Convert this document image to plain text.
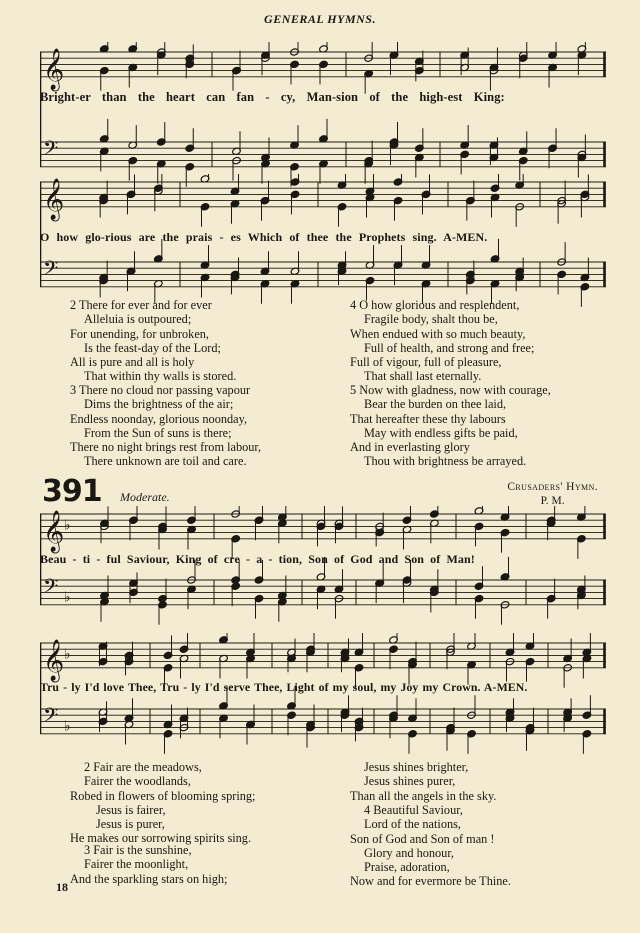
GENERAL HYMNS.
𝄞
𝄢
Bright-er than the heart can fan - cy, Man-sion of the high-est King:
𝄞
𝄢
O how glo-rious are the prais - es Which of thee the Prophets sing. A-MEN.
2 There for ever and for ever
Alleluia is outpoured;
For unending, for unbroken,
Is the feast-day of the Lord;
All is pure and all is holy
That within thy walls is stored.
3 There no cloud nor passing vapour
Dims the brightness of the air;
Endless noonday, glorious noonday,
From the Sun of suns is there;
There no night brings rest from labour,
There unknown are toil and care.
4 O how glorious and resplendent,
Fragile body, shalt thou be,
When endued with so much beauty,
Full of health, and strong and free;
Full of vigour, full of pleasure,
That shall last eternally.
5 Now with gladness, now with courage,
Bear the burden on thee laid,
That hereafter these thy labours
May with endless gifts be paid,
And in everlasting glory
Thou with brightness be arrayed.
391 Moderate.
Crusaders' Hymn.
P. M.
𝄞 ♭
𝄢 ♭
Beau - ti - ful Saviour, King of cre - a - tion, Son of God and Son of Man!
𝄞 ♭
𝄢 ♭
Tru - ly I'd love Thee, Tru - ly I'd serve Thee, Light of my soul, my Joy my Crown. A-MEN.
2 Fair are the meadows,
Fairer the woodlands,
Robed in flowers of blooming spring;
Jesus is fairer,
Jesus is purer,
He makes our sorrowing spirits sing.
3 Fair is the sunshine,
Fairer the moonlight,
And the sparkling stars on high;
Jesus shines brighter,
Jesus shines purer,
Than all the angels in the sky.
4 Beautiful Saviour,
Lord of the nations,
Son of God and Son of man !
Glory and honour,
Praise, adoration,
Now and for evermore be Thine.
18
